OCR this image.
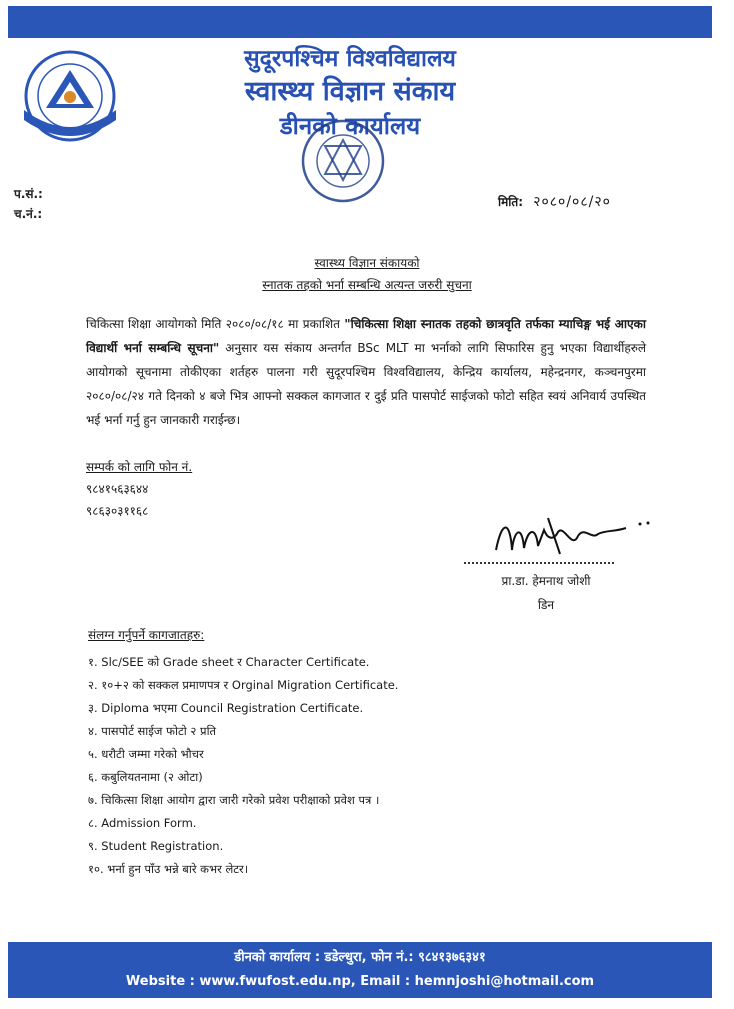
सुदूरपश्चिम विश्वविद्यालय
स्वास्थ्य विज्ञान संकाय
डीनको कार्यालय
प.सं.:
च.नं.:
मिति: २०८०/०८/२०
स्वास्थ्य विज्ञान संकायको
स्नातक तहको भर्ना सम्बन्धि अत्यन्त जरुरी सुचना
चिकित्सा शिक्षा आयोगको मिति २०८०/०८/१८ मा प्रकाशित "चिकित्सा शिक्षा स्नातक तहको छात्रवृति तर्फका म्याचिङ्ग भई आएका विद्यार्थी भर्ना सम्बन्धि सूचना" अनुसार यस संकाय अन्तर्गत BSc MLT मा भर्नाको लागि सिफारिस हुनु भएका विद्यार्थीहरुले आयोगको सूचनामा तोकीएका शर्तहरु पालना गरी सुदूरपश्चिम विश्वविद्यालय, केन्द्रिय कार्यालय, महेन्द्रनगर, कञ्चनपुरमा २०८०/०८/२४ गते दिनको ४ बजे भित्र आफ्नो सक्कल कागजात र दुई प्रति पासपोर्ट साईजको फोटो सहित स्वयं अनिवार्य उपस्थित भई भर्ना गर्नु हुन जानकारी गराईन्छ।
सम्पर्क को लागि फोन नं.
९८४१५६३६४४
९८६३०३११६८
प्रा.डा. हेमनाथ जोशी
डिन
संलग्न गर्नुपर्ने कागजातहरु:
१. Slc/SEE को Grade sheet र Character Certificate.
२. १०+२ को सक्कल प्रमाणपत्र र Orginal Migration Certificate.
३. Diploma भएमा Council Registration Certificate.
४. पासपोर्ट साईज फोटो २ प्रति
५. धरौटी जम्मा गरेको भौचर
६. कबुलियतनामा (२ ओटा)
७. चिकित्सा शिक्षा आयोग द्वारा जारी गरेको प्रवेश परीक्षाको प्रवेश पत्र ।
८. Admission Form.
९. Student Registration.
१०. भर्ना हुन पाँउ भन्ने बारे कभर लेटर।
डीनको कार्यालय : डडेल्धुरा, फोन नं.: ९८४१३७६३४१
Website : www.fwufost.edu.np, Email : hemnjoshi@hotmail.com
